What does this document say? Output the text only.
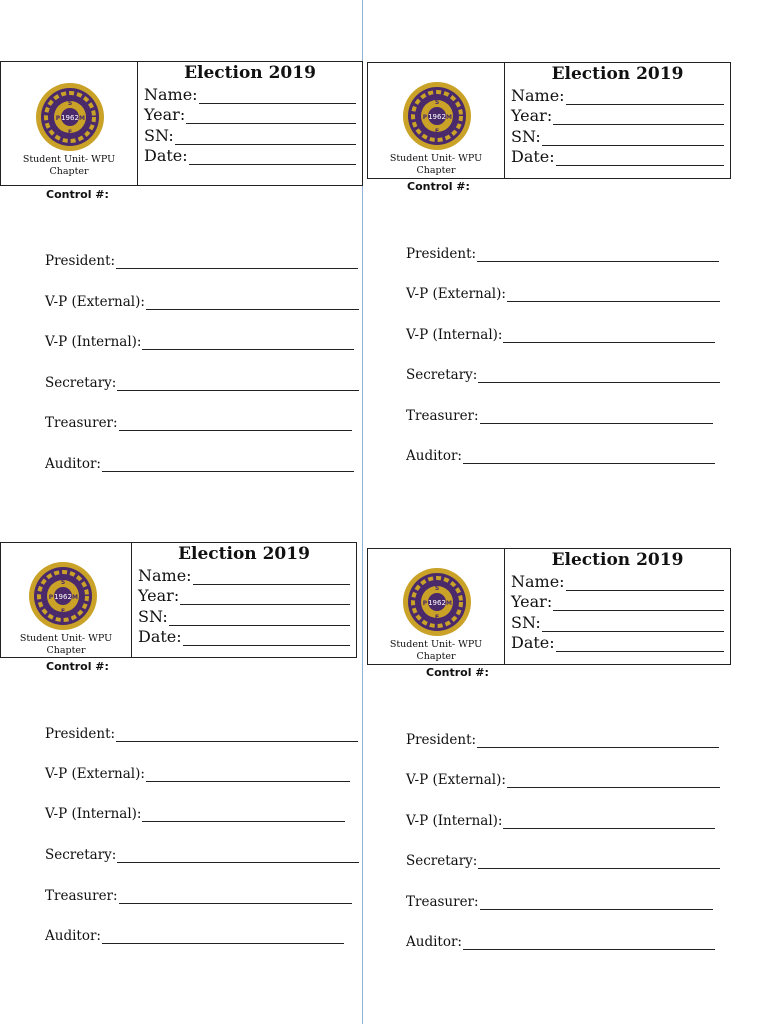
1962
S
P	M
E
Student Unit- WPU
Chapter
Election 2019
Name:
Year:
SN:
Date:
Control #:
President:
V-P (External):
V-P (Internal):
Secretary:
Treasurer:
Auditor:
1962
S
P	M
E
Student Unit- WPU
Chapter
Election 2019
Name:
Year:
SN:
Date:
Control #:
President:
V-P (External):
V-P (Internal):
Secretary:
Treasurer:
Auditor:
1962
S
P	M
E
Student Unit- WPU
Chapter
Election 2019
Name:
Year:
SN:
Date:
Control #:
President:
V-P (External):
V-P (Internal):
Secretary:
Treasurer:
Auditor:
1962
S
P	M
E
Student Unit- WPU
Chapter
Election 2019
Name:
Year:
SN:
Date:
Control #:
President:
V-P (External):
V-P (Internal):
Secretary:
Treasurer:
Auditor:
